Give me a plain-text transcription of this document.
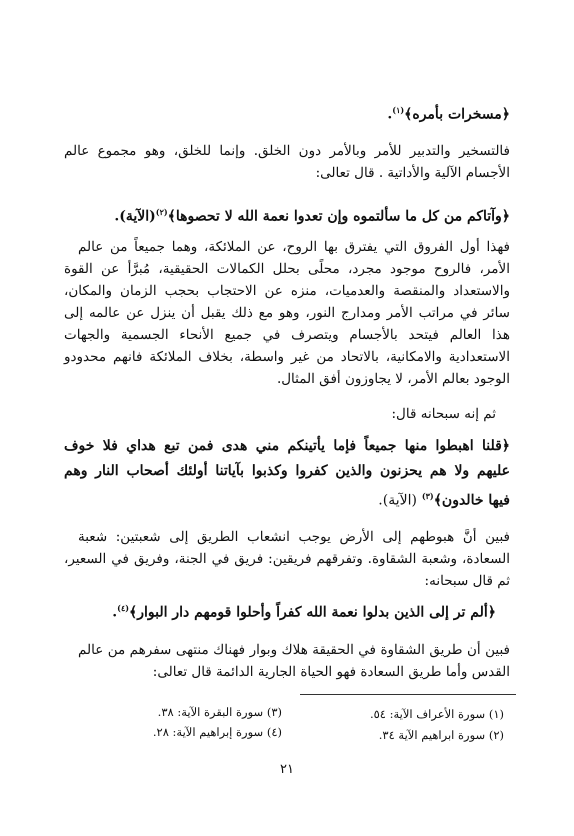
﴿مسخرات بأمره﴾$^{(١)}$.
فالتسخير والتدبير للأمر وبالأمر دون الخلق. وإنما للخلق، وهو مجموع عالم
الأجسام الآلية والأداتية . قال تعالى:
﴿وآتاكم من كل ما سألتموه وإن تعدوا نعمة الله لا تحصوها﴾$^{(٢)}$(الآية).
فهذا أول الفروق التي يفترق بها الروح، عن الملائكة، وهما جميعاً من عالم
الأمر، فالروح موجود مجرد، محلًى بحلل الكمالات الحقيقية، مُبرَّأ عن القوة
والاستعداد والمنقصة والعدميات، منزه عن الاحتجاب بحجب الزمان والمكان،
سائر في مراتب الأمر ومدارج النور، وهو مع ذلك يقبل أن ينزل عن عالمه إلى
هذا العالم فيتحد بالأجسام ويتصرف في جميع الأنحاء الجسمية والجهات
الاستعدادية والامكانية، بالاتحاد من غير واسطة، بخلاف الملائكة فانهم محدودو
الوجود بعالم الأمر، لا يجاوزون أفق المثال.
ثم إنه سبحانه قال:
﴿قلنا اهبطوا منها جميعاً فإما يأتينكم مني هدى فمن تبع هداي فلا خوف
عليهم ولا هم يحزنون والذين كفروا وكذبوا بآياتنا أولئك أصحاب النار وهم
فيها خالدون﴾$^{(٣)}$ (الآية).
فبين أنَّ هبوطهم إلى الأرض يوجب انشعاب الطريق إلى شعبتين: شعبة
السعادة، وشعبة الشقاوة. وتفرقهم فريقين: فريق في الجنة، وفريق في السعير،
ثم قال سبحانه:
﴿ألم تر إلى الذين بدلوا نعمة الله كفراً وأحلوا قومهم دار البوار﴾$^{(٤)}$.
فبين أن طريق الشقاوة في الحقيقة هلاك وبوار فهناك منتهى سفرهم من عالم
القدس وأما طريق السعادة فهو الحياة الجارية الدائمة قال تعالى:
(١) سورة الأعراف الآية: ٥٤.
(٢) سورة ابراهيم الآية ٣٤.
(٣) سورة البقرة الآية: ٣٨.
(٤) سورة إبراهيم الآية: ٢٨.
٢١
